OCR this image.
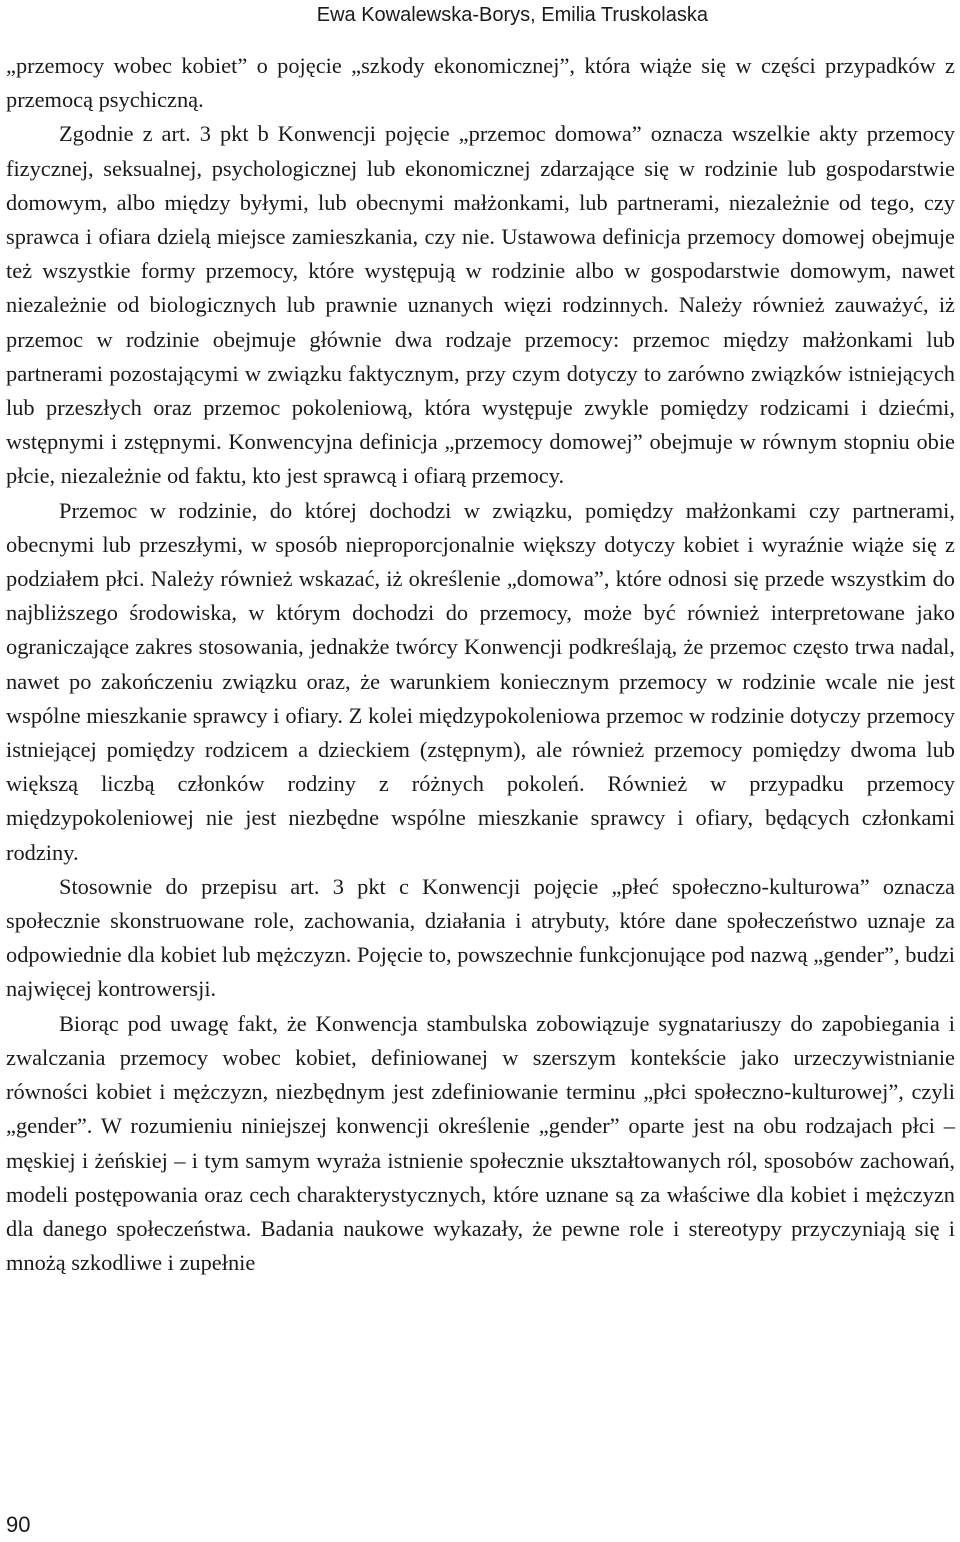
Ewa Kowalewska-Borys, Emilia Truskolaska

„przemocy wobec kobiet” o pojęcie „szkody ekonomicznej”, która wiąże się w części przypadków z przemocą psychiczną.

Zgodnie z art. 3 pkt b Konwencji pojęcie „przemoc domowa” oznacza wszelkie akty przemocy fizycznej, seksualnej, psychologicznej lub ekonomicznej zdarzające się w rodzinie lub gospodarstwie domowym, albo między byłymi, lub obecnymi małżonkami, lub partnerami, niezależnie od tego, czy sprawca i ofiara dzielą miejsce zamieszkania, czy nie. Ustawowa definicja przemocy domowej obejmuje też wszystkie formy przemocy, które występują w rodzinie albo w gospodarstwie domowym, nawet niezależnie od biologicznych lub prawnie uznanych więzi rodzinnych. Należy również zauważyć, iż przemoc w rodzinie obejmuje głównie dwa rodzaje przemocy: przemoc między małżonkami lub partnerami pozostającymi w związku faktycznym, przy czym dotyczy to zarówno związków istniejących lub przeszłych oraz przemoc pokoleniową, która występuje zwykle pomiędzy rodzicami i dziećmi, wstępnymi i zstępnymi. Konwencyjna definicja „przemocy domowej” obejmuje w równym stopniu obie płcie, niezależnie od faktu, kto jest sprawcą i ofiarą przemocy.

Przemoc w rodzinie, do której dochodzi w związku, pomiędzy małżonkami czy partnerami, obecnymi lub przeszłymi, w sposób nieproporcjonalnie większy dotyczy kobiet i wyraźnie wiąże się z podziałem płci. Należy również wskazać, iż określenie „domowa”, które odnosi się przede wszystkim do najbliższego środowiska, w którym dochodzi do przemocy, może być również interpretowane jako ograniczające zakres stosowania, jednakże twórcy Konwencji podkreślają, że przemoc często trwa nadal, nawet po zakończeniu związku oraz, że warunkiem koniecznym przemocy w rodzinie wcale nie jest wspólne mieszkanie sprawcy i ofiary. Z kolei międzypokoleniowa przemoc w rodzinie dotyczy przemocy istniejącej pomiędzy rodzicem a dzieckiem (zstępnym), ale również przemocy pomiędzy dwoma lub większą liczbą członków rodziny z różnych pokoleń. Również w przypadku przemocy międzypokoleniowej nie jest niezbędne wspólne mieszkanie sprawcy i ofiary, będących członkami rodziny.

Stosownie do przepisu art. 3 pkt c Konwencji pojęcie „płeć społeczno-kulturowa” oznacza społecznie skonstruowane role, zachowania, działania i atrybuty, które dane społeczeństwo uznaje za odpowiednie dla kobiet lub mężczyzn. Pojęcie to, powszechnie funkcjonujące pod nazwą „gender”, budzi najwięcej kontrowersji.

Biorąc pod uwagę fakt, że Konwencja stambulska zobowiązuje sygnatariuszy do zapobiegania i zwalczania przemocy wobec kobiet, definiowanej w szerszym kontekście jako urzeczywistnianie równości kobiet i mężczyzn, niezbędnym jest zdefiniowanie terminu „płci społeczno-kulturowej”, czyli „gender”. W rozumieniu niniejszej konwencji określenie „gender” oparte jest na obu rodzajach płci – męskiej i żeńskiej – i tym samym wyraża istnienie społecznie ukształtowanych ról, sposobów zachowań, modeli postępowania oraz cech charakterystycznych, które uznane są za właściwe dla kobiet i mężczyzn dla danego społeczeństwa. Badania naukowe wykazały, że pewne role i stereotypy przyczyniają się i mnożą szkodliwe i zupełnie

90
